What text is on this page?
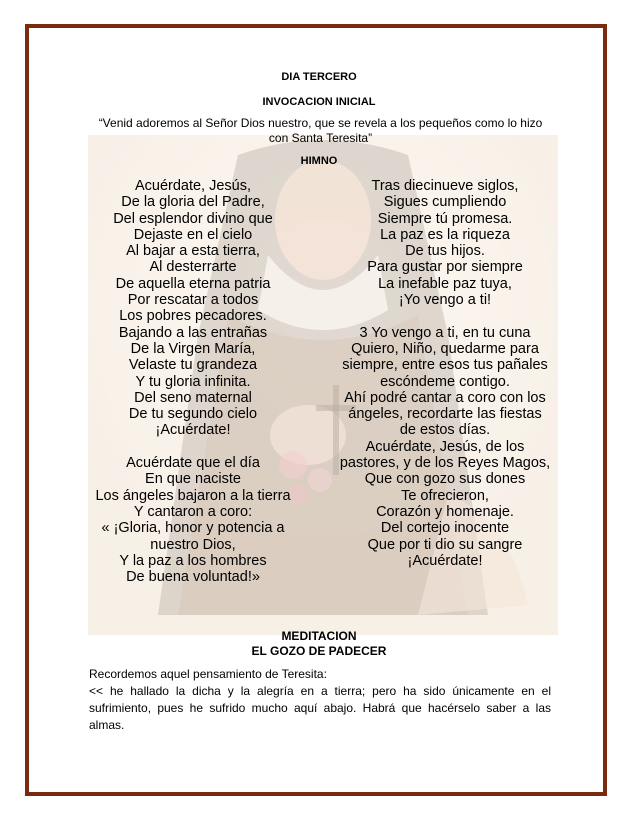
DIA TERCERO
INVOCACION INICIAL
“Venid adoremos al Señor Dios nuestro, que se revela a los pequeños como lo hizo con Santa Teresita”
HIMNO
Acuérdate, Jesús,
De la gloria del Padre,
Del esplendor divino que
Dejaste en el cielo
Al bajar a esta tierra,
Al desterrarte
De aquella eterna patria
Por rescatar a todos
Los pobres pecadores.
Bajando a las entrañas
De la Virgen María,
Velaste tu grandeza
Y tu gloria infinita.
Del seno maternal
De tu segundo cielo
¡Acuérdate!

Acuérdate que el día
En que naciste
Los ángeles bajaron a la tierra
Y cantaron a coro:
« ¡Gloria, honor y potencia a
nuestro Dios,
Y la paz a los hombres
De buena voluntad!»
Tras diecinueve siglos,
Sigues cumpliendo
Siempre tú promesa.
La paz es la riqueza
De tus hijos.
Para gustar por siempre
La inefable paz tuya,
¡Yo vengo a ti!

3 Yo vengo a ti, en tu cuna
Quiero, Niño, quedarme para
siempre, entre esos tus pañales
escóndeme contigo.
Ahí podré cantar a coro con los
ángeles, recordarte las fiestas
de estos días.
Acuérdate, Jesús, de los
pastores, y de los Reyes Magos,
Que con gozo sus dones
Te ofrecieron,
Corazón y homenaje.
Del cortejo inocente
Que por ti dio su sangre
¡Acuérdate!
MEDITACION
EL GOZO DE PADECER
Recordemos aquel pensamiento de Teresita:
<< he hallado la dicha y la alegría en a tierra; pero ha sido únicamente en el sufrimiento, pues he sufrido mucho aquí abajo. Habrá que hacérselo saber a las almas.
